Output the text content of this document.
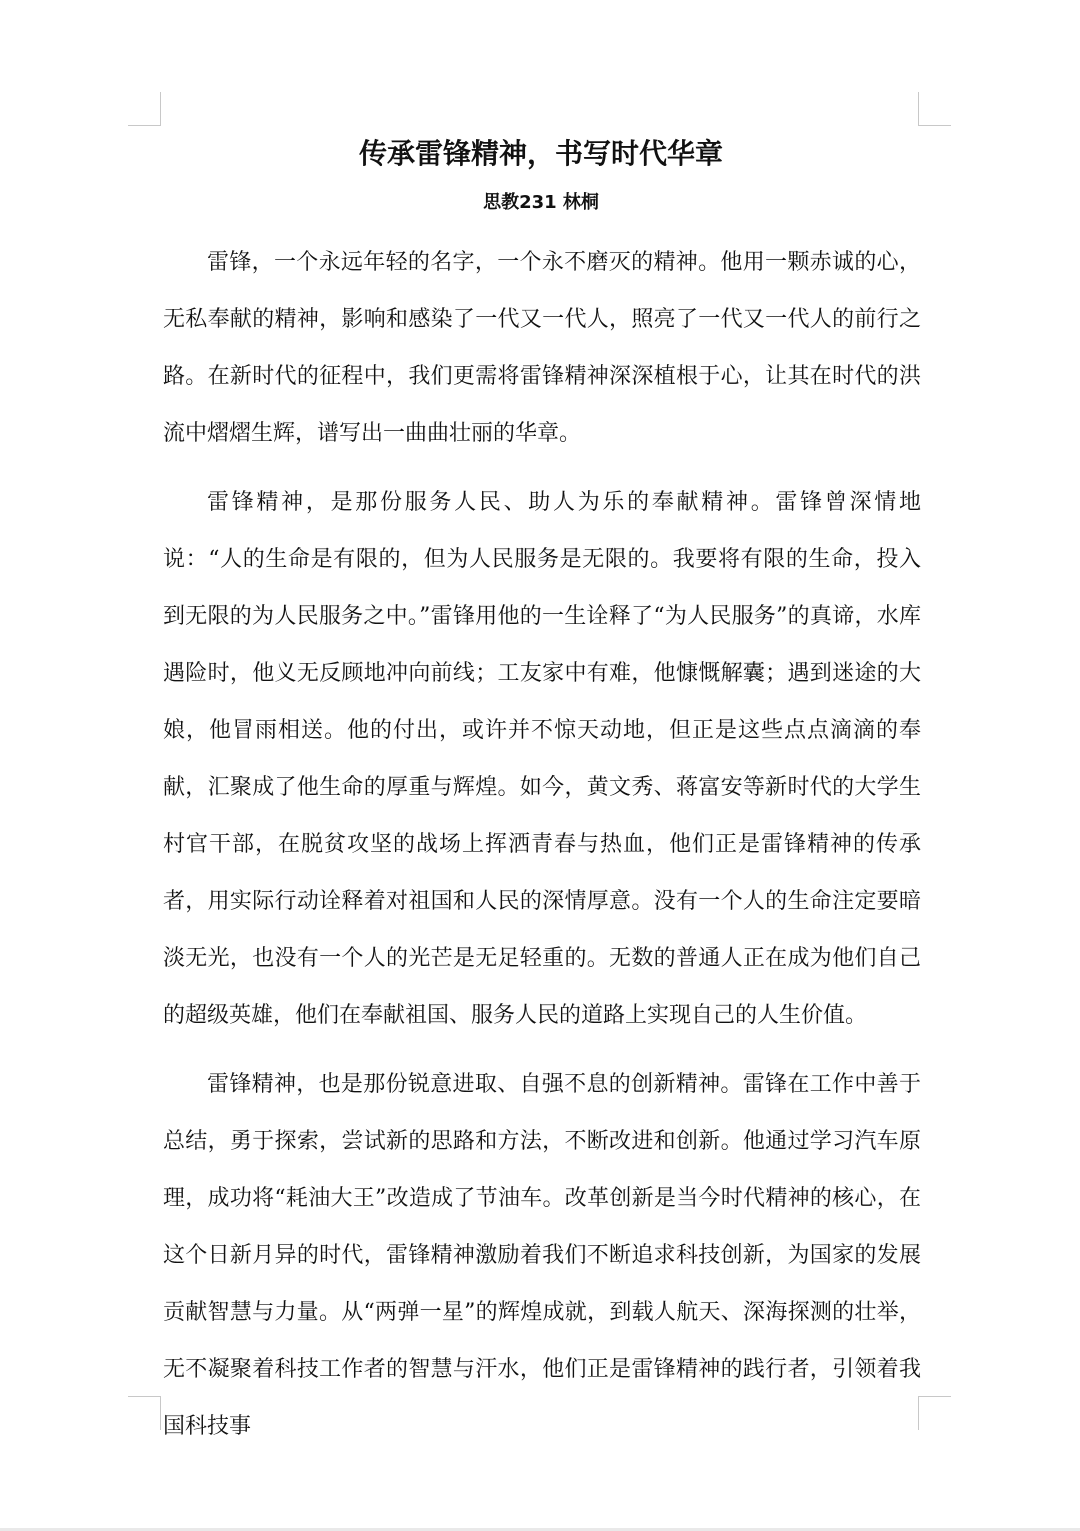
传承雷锋精神，书写时代华章
思教231 林桐

雷锋，一个永远年轻的名字，一个永不磨灭的精神。他用一颗赤诚的心，无私奉献的精神，影响和感染了一代又一代人，照亮了一代又一代人的前行之路。在新时代的征程中，我们更需将雷锋精神深深植根于心，让其在时代的洪流中熠熠生辉，谱写出一曲曲壮丽的华章。

雷锋精神，是那份服务人民、助人为乐的奉献精神。雷锋曾深情地说：“人的生命是有限的，但为人民服务是无限的。我要将有限的生命，投入到无限的为人民服务之中。”雷锋用他的一生诠释了“为人民服务”的真谛，水库遇险时，他义无反顾地冲向前线；工友家中有难，他慷慨解囊；遇到迷途的大娘，他冒雨相送。他的付出，或许并不惊天动地，但正是这些点点滴滴的奉献，汇聚成了他生命的厚重与辉煌。如今，黄文秀、蒋富安等新时代的大学生村官干部，在脱贫攻坚的战场上挥洒青春与热血，他们正是雷锋精神的传承者，用实际行动诠释着对祖国和人民的深情厚意。没有一个人的生命注定要暗淡无光，也没有一个人的光芒是无足轻重的。无数的普通人正在成为他们自己的超级英雄，他们在奉献祖国、服务人民的道路上实现自己的人生价值。

雷锋精神，也是那份锐意进取、自强不息的创新精神。雷锋在工作中善于总结，勇于探索，尝试新的思路和方法，不断改进和创新。他通过学习汽车原理，成功将“耗油大王”改造成了节油车。改革创新是当今时代精神的核心，在这个日新月异的时代，雷锋精神激励着我们不断追求科技创新，为国家的发展贡献智慧与力量。从“两弹一星”的辉煌成就，到载人航天、深海探测的壮举，无不凝聚着科技工作者的智慧与汗水，他们正是雷锋精神的践行者，引领着我国科技事
